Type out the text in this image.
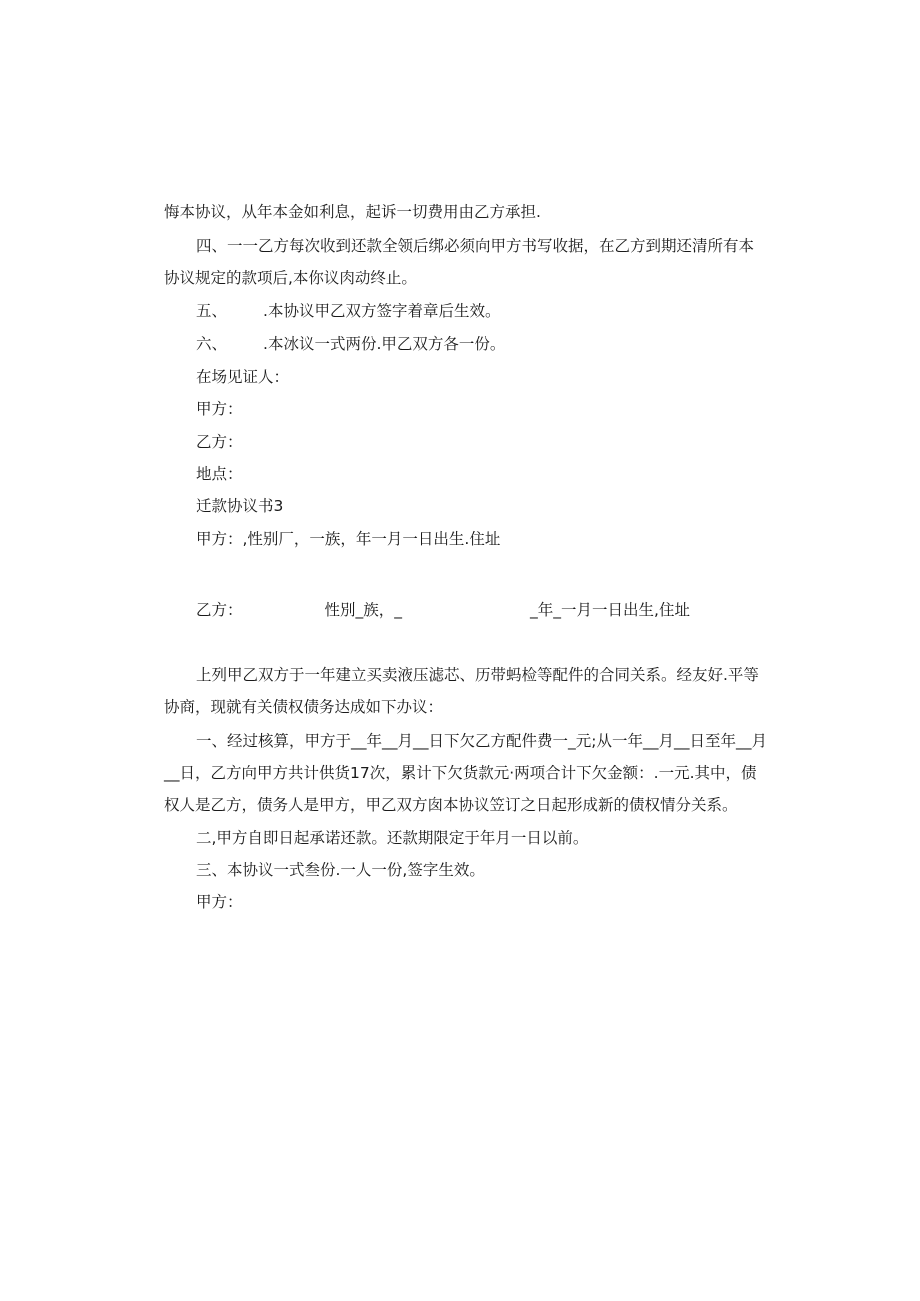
悔本协议，从年本金如利息，起诉一切费用由乙方承担.
四、一一乙方每次收到还款全领后绑必须向甲方书写收据，在乙方到期还清所有本
协议规定的款项后,本你议肉动终止。
五、 .本协议甲乙双方签字着章后生效。
六、 .本冰议一式两份.甲乙双方各一份。
在场见证人：
甲方：
乙方：
地点：
迁款协议书3
甲方：,性别厂，一族，年一月一日出生.住址
乙方：	性別_族，_	_年_一月一日出生,住址
上列甲乙双方于一年建立买卖液压滤芯、历带蚂检等配件的合同关系。经友好.平等
协商，现就有关债权债务达成如下办议：
一、经过核算，甲方于__年__月__日下欠乙方配件费一_元;从一年__月__日至年__月
__日，乙方向甲方共计供货17次，累计下欠货款元·两项合计下欠金额：.一元.其中，债
权人是乙方，债务人是甲方，甲乙双方囱本协议笠订之日起形成新的债权情分关系。
二,甲方自即日起承诺还款。还款期限定于年月一日以前。
三、本协议一式叁份.一人一份,签字生效。
甲方：
